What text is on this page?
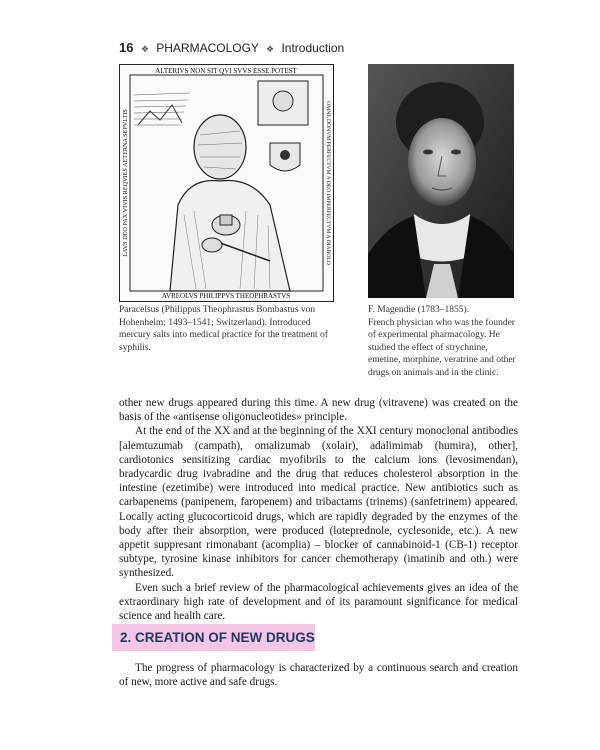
16 ❖ PHARMACOLOGY ❖ Introduction
ALTERIVS NON SIT QVI SVVS ESSE POTEST
AVREOLVS PHILIPPVS THEOPHRASTVS
LAVS DEO PAX VIVIS REQVIES AETERNA SEPVLTIS	OMNE DONVM PERFECTVM A DEO IMPERFECTVM A DIABOLO
Paracelsus (Philippus Theophrastus Bombastus von Hohenheim; 1493–1541; Switzerland). Introduced mercury salts into medical practice for the treatment of syphilis.
F. Magendie (1783–1855).
French physician who was the founder of experimental pharmacology. He studied the effect of strychnine, emetine, morphine, veratrine and other drugs on animals and in the clinic.

other new drugs appeared during this time. A new drug (vitravene) was created on the basis of the «antisense oligonucleotides» principle.

At the end of the XX and at the beginning of the XXI century monoclonal antibodies [alemtuzumab (campath), omalizumab (xolair), adalimimab (humira), other], cardiotonics sensitizing cardiac myofibrils to the calcium ions (levosimendan), bradycardic drug ivabradine and the drug that reduces cholesterol absorption in the intestine (ezetimibe) were introduced into medical practice. New antibiotics such as carbapenems (panipenem, faropenem) and tribactams (trinems) (sanfetrinem) appeared. Locally acting glucocorticoid drugs, which are rapidly degraded by the enzymes of the body after their absorption, were produced (loteprednole, cyclesonide, etc.). A new appetit suppresant rimonabant (acomplia) – blocker of cannabinoid-1 (CB-1) receptor subtype, tyrosine kinase inhibitors for cancer chemotherapy (imatinib and oth.) were synthesized.

Even such a brief review of the pharmacological achievements gives an idea of the extraordinary high rate of development and of its paramount significance for medical science and health care.

2. CREATION OF NEW DRUGS

The progress of pharmacology is characterized by a continuous search and creation of new, more active and safe drugs.
